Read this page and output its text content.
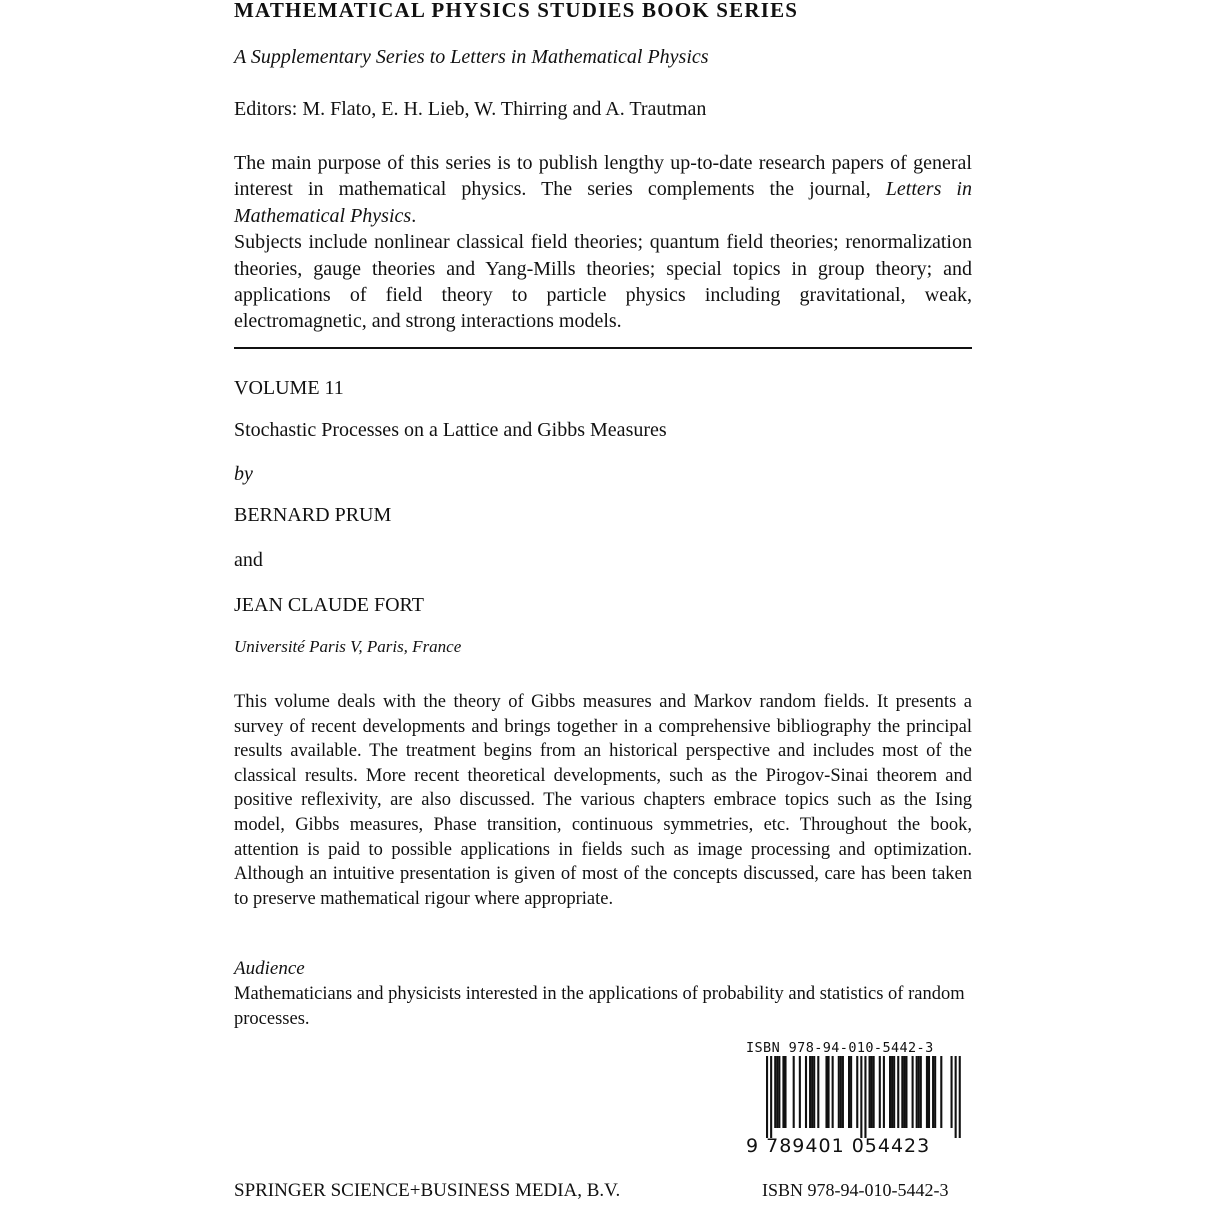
MATHEMATICAL PHYSICS STUDIES BOOK SERIES
A Supplementary Series to Letters in Mathematical Physics
Editors: M. Flato, E. H. Lieb, W. Thirring and A. Trautman

The main purpose of this series is to publish lengthy up-to-date research papers of general interest in mathematical physics. The series complements the journal, Letters in Mathematical Physics.

Subjects include nonlinear classical field theories; quantum field theories; renormalization theories, gauge theories and Yang-Mills theories; special topics in group theory; and applications of field theory to particle physics including gravitational, weak, electromagnetic, and strong interactions models.

VOLUME 11
Stochastic Processes on a Lattice and Gibbs Measures
by
BERNARD PRUM
and
JEAN CLAUDE FORT
Université Paris V, Paris, France
This volume deals with the theory of Gibbs measures and Markov random fields. It presents a survey of recent developments and brings together in a comprehensive bibliography the principal results available. The treatment begins from an historical perspective and includes most of the classical results. More recent theoretical developments, such as the Pirogov-Sinai theorem and positive reflexivity, are also discussed. The various chapters embrace topics such as the Ising model, Gibbs measures, Phase transition, continuous symmetries, etc. Throughout the book, attention is paid to possible applications in fields such as image processing and optimization. Although an intuitive presentation is given of most of the concepts discussed, care has been taken to preserve mathematical rigour where appropriate.
Audience
Mathematicians and physicists interested in the applications of probability and statistics of random processes.
ISBN 978-94-010-5442-3
9 789401 054423
SPRINGER SCIENCE+BUSINESS MEDIA, B.V.	ISBN 978-94-010-5442-3
